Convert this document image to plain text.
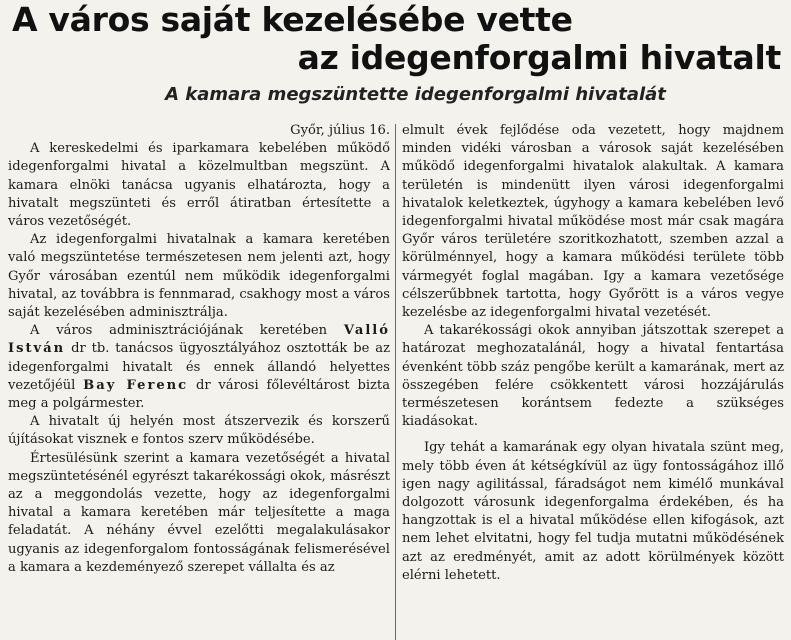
A város saját kezelésébe vette
az idegenforgalmi hivatalt
A kamara megszüntette idegenforgalmi hivatalát

Győr, július 16.

A kereskedelmi és iparkamara kebelében működő idegenforgalmi hivatal a közelmultban megszünt. A kamara elnöki tanácsa ugyanis elhatározta, hogy a hivatalt megszünteti és erről átiratban értesítette a város vezetőségét.

Az idegenforgalmi hivatalnak a kamara keretében való megszüntetése természetesen nem jelenti azt, hogy Győr városában ezentúl nem működik idegenforgalmi hivatal, az továbbra is fennmarad, csakhogy most a város saját kezelésében adminisztrálja.

A város adminisztrációjának keretében Valló István dr tb. tanácsos ügyosztályához osztották be az idegenforgalmi hivatalt és ennek állandó helyettes vezetőjéül Bay Ferenc dr városi főlevéltárost bizta meg a polgármester.

A hivatalt új helyén most átszervezik és korszerű újításokat visznek e fontos szerv működésébe.

Értesülésünk szerint a kamara vezetőségét a hivatal megszüntetésénél egyrészt takarékossági okok, másrészt az a meggondolás vezette, hogy az idegenforgalmi hivatal a kamara keretében már teljesítette a maga feladatát. A néhány évvel ezelőtti megalakulásakor ugyanis az idegenforgalom fontosságának felismerésével a kamara a kezdeményező szerepet vállalta és az

elmult évek fejlődése oda vezetett, hogy majdnem minden vidéki városban a városok saját kezelésében működő idegenforgalmi hivatalok alakultak. A kamara területén is mindenütt ilyen városi idegenforgalmi hivatalok keletkeztek, úgyhogy a kamara kebelében levő idegenforgalmi hivatal működése most már csak magára Győr város területére szoritkozhatott, szemben azzal a körülménnyel, hogy a kamara működési területe több vármegyét foglal magában. Igy a kamara vezetősége célszerűbbnek tartotta, hogy Győrött is a város vegye kezelésbe az idegenforgalmi hivatal vezetését.

A takarékossági okok annyiban játszottak szerepet a határozat meghozatalánál, hogy a hivatal fentartása évenként több száz pengőbe került a kamarának, mert az összegében felére csökkentett városi hozzájárulás természetesen korántsem fedezte a szükséges kiadásokat.

Igy tehát a kamarának egy olyan hivatala szünt meg, mely több éven át kétségkívül az ügy fontosságához illő igen nagy agilitással, fáradságot nem kimélő munkával dolgozott városunk idegenforgalma érdekében, és ha hangzottak is el a hivatal működése ellen kifogások, azt nem lehet elvitatni, hogy fel tudja mutatni működésének azt az eredményét, amit az adott körülmények között elérni lehetett.
